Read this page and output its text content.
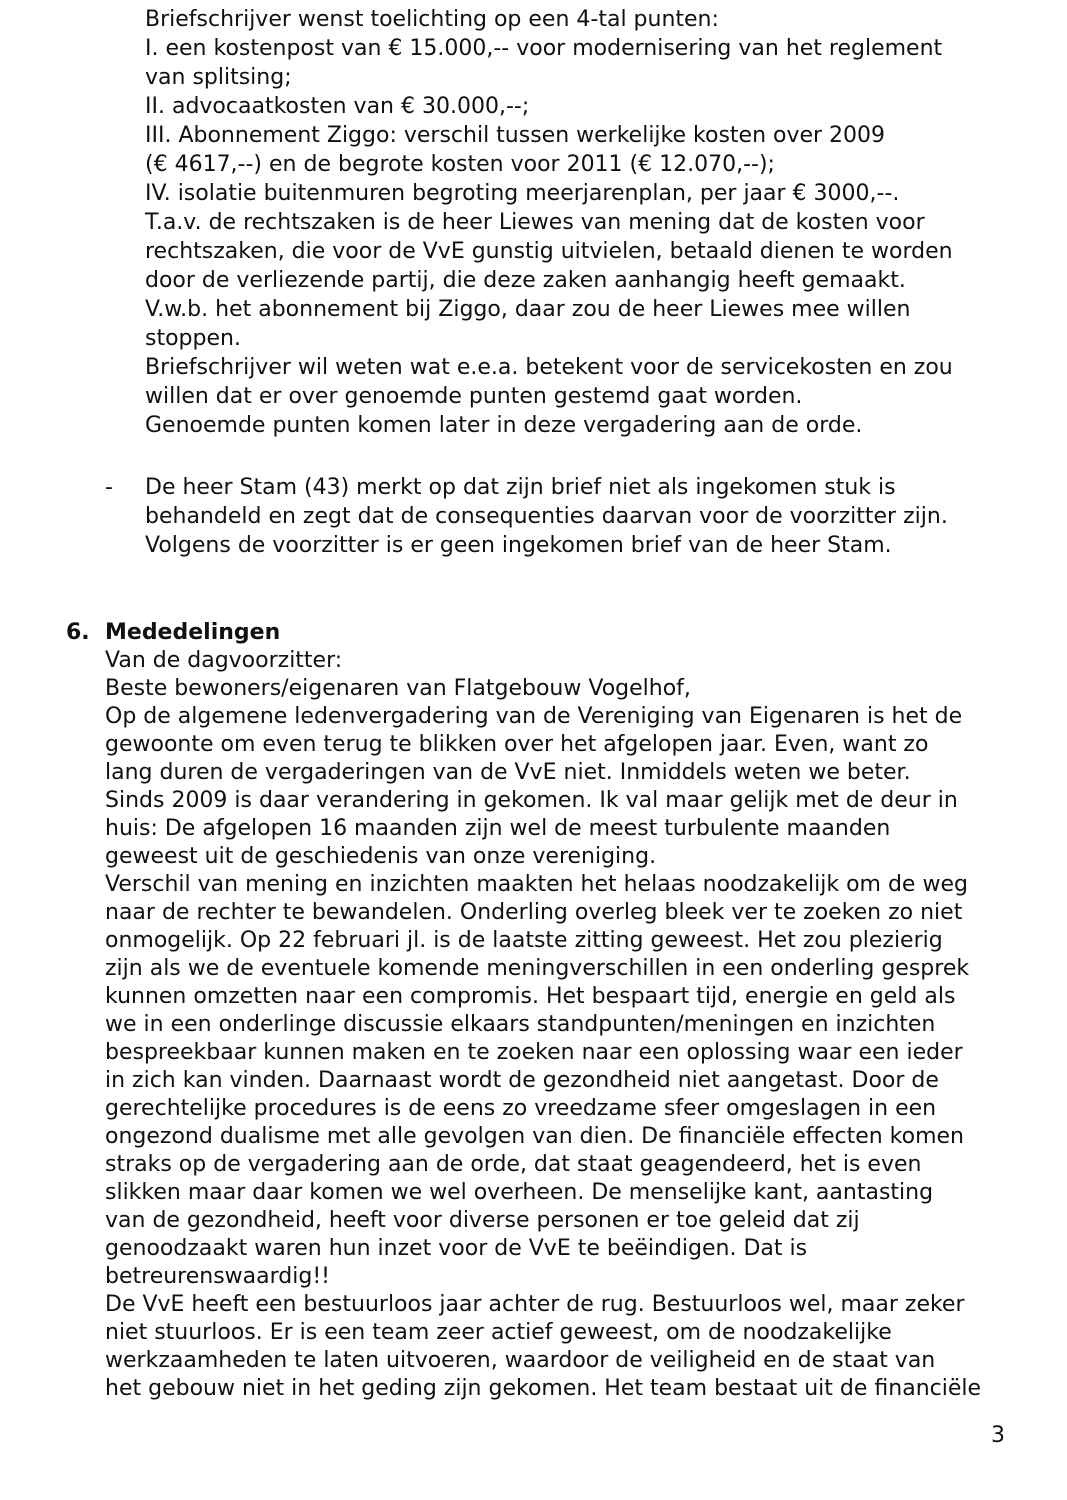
Briefschrijver wenst toelichting op een 4-tal punten:
I. een kostenpost van € 15.000,-- voor modernisering van het reglement
van splitsing;
II. advocaatkosten van € 30.000,--;
III. Abonnement Ziggo: verschil tussen werkelijke kosten over 2009
(€ 4617,--) en de begrote kosten voor 2011 (€ 12.070,--);
IV. isolatie buitenmuren begroting meerjarenplan, per jaar € 3000,--.
T.a.v. de rechtszaken is de heer Liewes van mening dat de kosten voor
rechtszaken, die voor de VvE gunstig uitvielen, betaald dienen te worden
door de verliezende partij, die deze zaken aanhangig heeft gemaakt.
V.w.b. het abonnement bij Ziggo, daar zou de heer Liewes mee willen
stoppen.
Briefschrijver wil weten wat e.e.a. betekent voor de servicekosten en zou
willen dat er over genoemde punten gestemd gaat worden.
Genoemde punten komen later in deze vergadering aan de orde.
- De heer Stam (43) merkt op dat zijn brief niet als ingekomen stuk is
behandeld en zegt dat de consequenties daarvan voor de voorzitter zijn.
Volgens de voorzitter is er geen ingekomen brief van de heer Stam.
6. Mededelingen
Van de dagvoorzitter:
Beste bewoners/eigenaren van Flatgebouw Vogelhof,
Op de algemene ledenvergadering van de Vereniging van Eigenaren is het de
gewoonte om even terug te blikken over het afgelopen jaar. Even, want zo
lang duren de vergaderingen van de VvE niet. Inmiddels weten we beter.
Sinds 2009 is daar verandering in gekomen. Ik val maar gelijk met de deur in
huis: De afgelopen 16 maanden zijn wel de meest turbulente maanden
geweest uit de geschiedenis van onze vereniging.
Verschil van mening en inzichten maakten het helaas noodzakelijk om de weg
naar de rechter te bewandelen. Onderling overleg bleek ver te zoeken zo niet
onmogelijk. Op 22 februari jl. is de laatste zitting geweest. Het zou plezierig
zijn als we de eventuele komende meningverschillen in een onderling gesprek
kunnen omzetten naar een compromis. Het bespaart tijd, energie en geld als
we in een onderlinge discussie elkaars standpunten/meningen en inzichten
bespreekbaar kunnen maken en te zoeken naar een oplossing waar een ieder
in zich kan vinden. Daarnaast wordt de gezondheid niet aangetast. Door de
gerechtelijke procedures is de eens zo vreedzame sfeer omgeslagen in een
ongezond dualisme met alle gevolgen van dien. De financiële effecten komen
straks op de vergadering aan de orde, dat staat geagendeerd, het is even
slikken maar daar komen we wel overheen. De menselijke kant, aantasting
van de gezondheid, heeft voor diverse personen er toe geleid dat zij
genoodzaakt waren hun inzet voor de VvE te beëindigen. Dat is
betreurenswaardig!!
De VvE heeft een bestuurloos jaar achter de rug. Bestuurloos wel, maar zeker
niet stuurloos. Er is een team zeer actief geweest, om de noodzakelijke
werkzaamheden te laten uitvoeren, waardoor de veiligheid en de staat van
het gebouw niet in het geding zijn gekomen. Het team bestaat uit de financiële
3
